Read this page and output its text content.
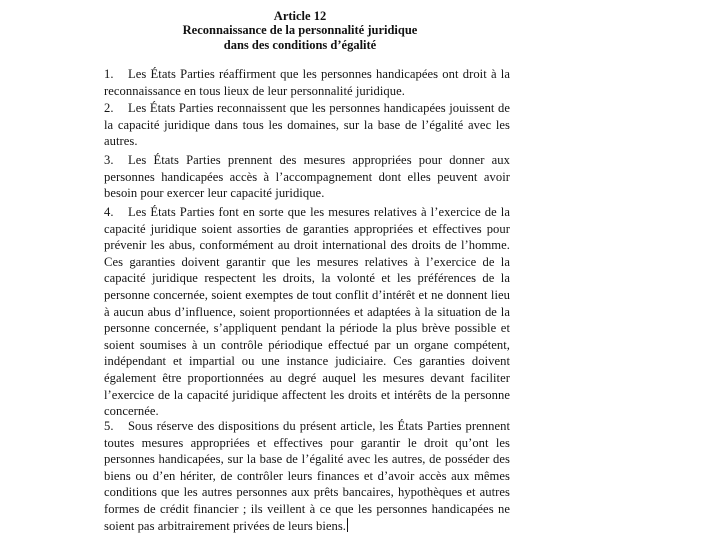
Article 12
Reconnaissance de la personnalité juridique
dans des conditions d’égalité
1. Les États Parties réaffirment que les personnes handicapées ont droit à la reconnaissance en tous lieux de leur personnalité juridique.
2. Les États Parties reconnaissent que les personnes handicapées jouissent de la capacité juridique dans tous les domaines, sur la base de l’égalité avec les autres.
3. Les États Parties prennent des mesures appropriées pour donner aux personnes handicapées accès à l’accompagnement dont elles peuvent avoir besoin pour exercer leur capacité juridique.
4. Les États Parties font en sorte que les mesures relatives à l’exercice de la capacité juridique soient assorties de garanties appropriées et effectives pour prévenir les abus, conformément au droit international des droits de l’homme. Ces garanties doivent garantir que les mesures relatives à l’exercice de la capacité juridique respectent les droits, la volonté et les préférences de la personne concernée, soient exemptes de tout conflit d’intérêt et ne donnent lieu à aucun abus d’influence, soient proportionnées et adaptées à la situation de la personne concernée, s’appliquent pendant la période la plus brève possible et soient soumises à un contrôle périodique effectué par un organe compétent, indépendant et impartial ou une instance judiciaire. Ces garanties doivent également être proportionnées au degré auquel les mesures devant faciliter l’exercice de la capacité juridique affectent les droits et intérêts de la personne concernée.
5. Sous réserve des dispositions du présent article, les États Parties prennent toutes mesures appropriées et effectives pour garantir le droit qu’ont les personnes handicapées, sur la base de l’égalité avec les autres, de posséder des biens ou d’en hériter, de contrôler leurs finances et d’avoir accès aux mêmes conditions que les autres personnes aux prêts bancaires, hypothèques et autres formes de crédit financier ; ils veillent à ce que les personnes handicapées ne soient pas arbitrairement privées de leurs biens.
